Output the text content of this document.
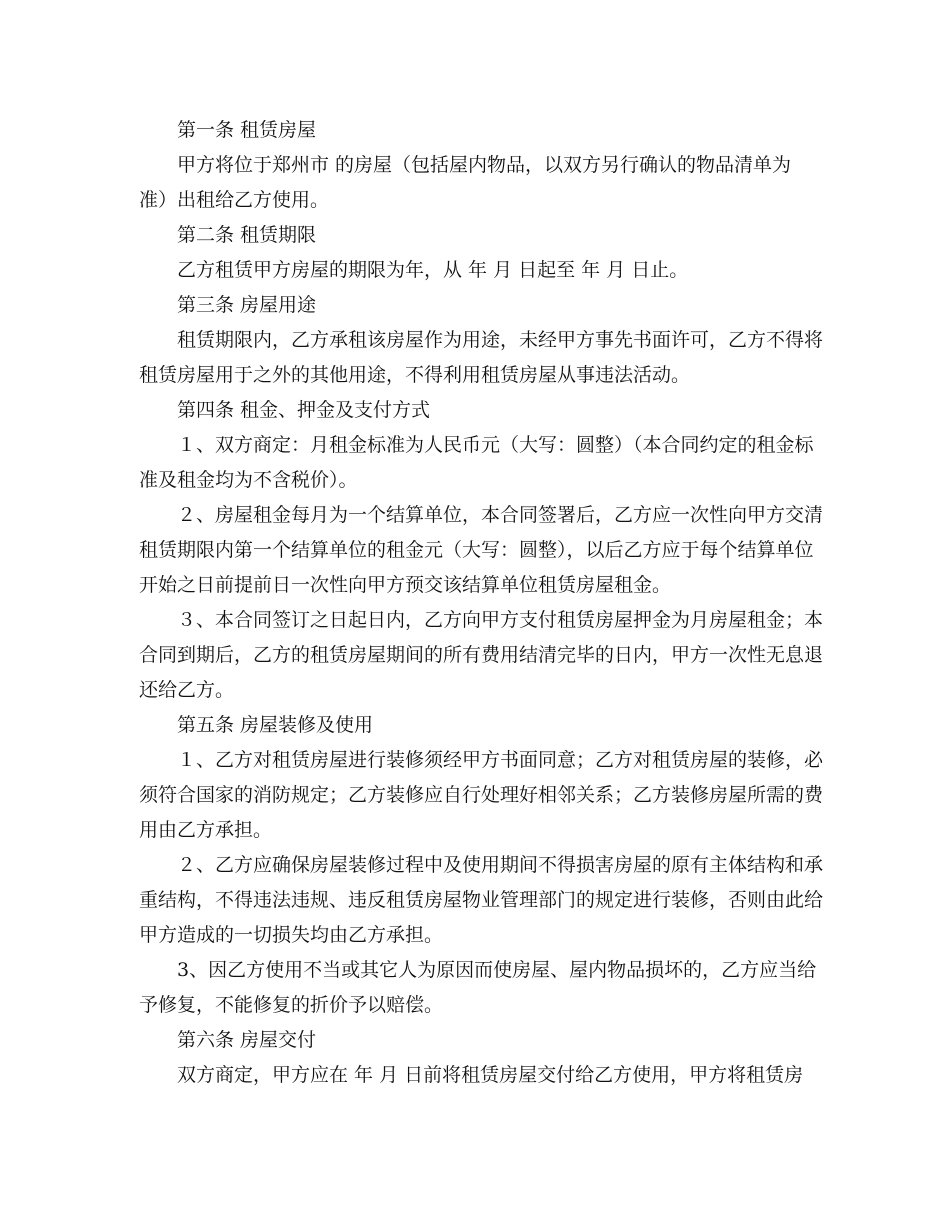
第一条 租赁房屋
甲方将位于郑州市 的房屋（包括屋内物品，以双方另行确认的物品清单为
准）出租给乙方使用。
第二条 租赁期限
乙方租赁甲方房屋的期限为年，从 年 月 日起至 年 月 日止。
第三条 房屋用途
租赁期限内，乙方承租该房屋作为用途，未经甲方事先书面许可，乙方不得将
租赁房屋用于之外的其他用途，不得利用租赁房屋从事违法活动。
第四条 租金、押金及支付方式
１、双方商定：月租金标准为人民币元（大写：圆整）（本合同约定的租金标
准及租金均为不含税价）。
２、房屋租金每月为一个结算单位，本合同签署后，乙方应一次性向甲方交清
租赁期限内第一个结算单位的租金元（大写：圆整），以后乙方应于每个结算单位
开始之日前提前日一次性向甲方预交该结算单位租赁房屋租金。
３、本合同签订之日起日内，乙方向甲方支付租赁房屋押金为月房屋租金；本
合同到期后，乙方的租赁房屋期间的所有费用结清完毕的日内，甲方一次性无息退
还给乙方。
第五条 房屋装修及使用
１、乙方对租赁房屋进行装修须经甲方书面同意；乙方对租赁房屋的装修，必
须符合国家的消防规定；乙方装修应自行处理好相邻关系；乙方装修房屋所需的费
用由乙方承担。
２、乙方应确保房屋装修过程中及使用期间不得损害房屋的原有主体结构和承
重结构，不得违法违规、违反租赁房屋物业管理部门的规定进行装修，否则由此给
甲方造成的一切损失均由乙方承担。
3、因乙方使用不当或其它人为原因而使房屋、屋内物品损坏的，乙方应当给
予修复，不能修复的折价予以赔偿。
第六条 房屋交付
双方商定，甲方应在 年 月 日前将租赁房屋交付给乙方使用，甲方将租赁房
